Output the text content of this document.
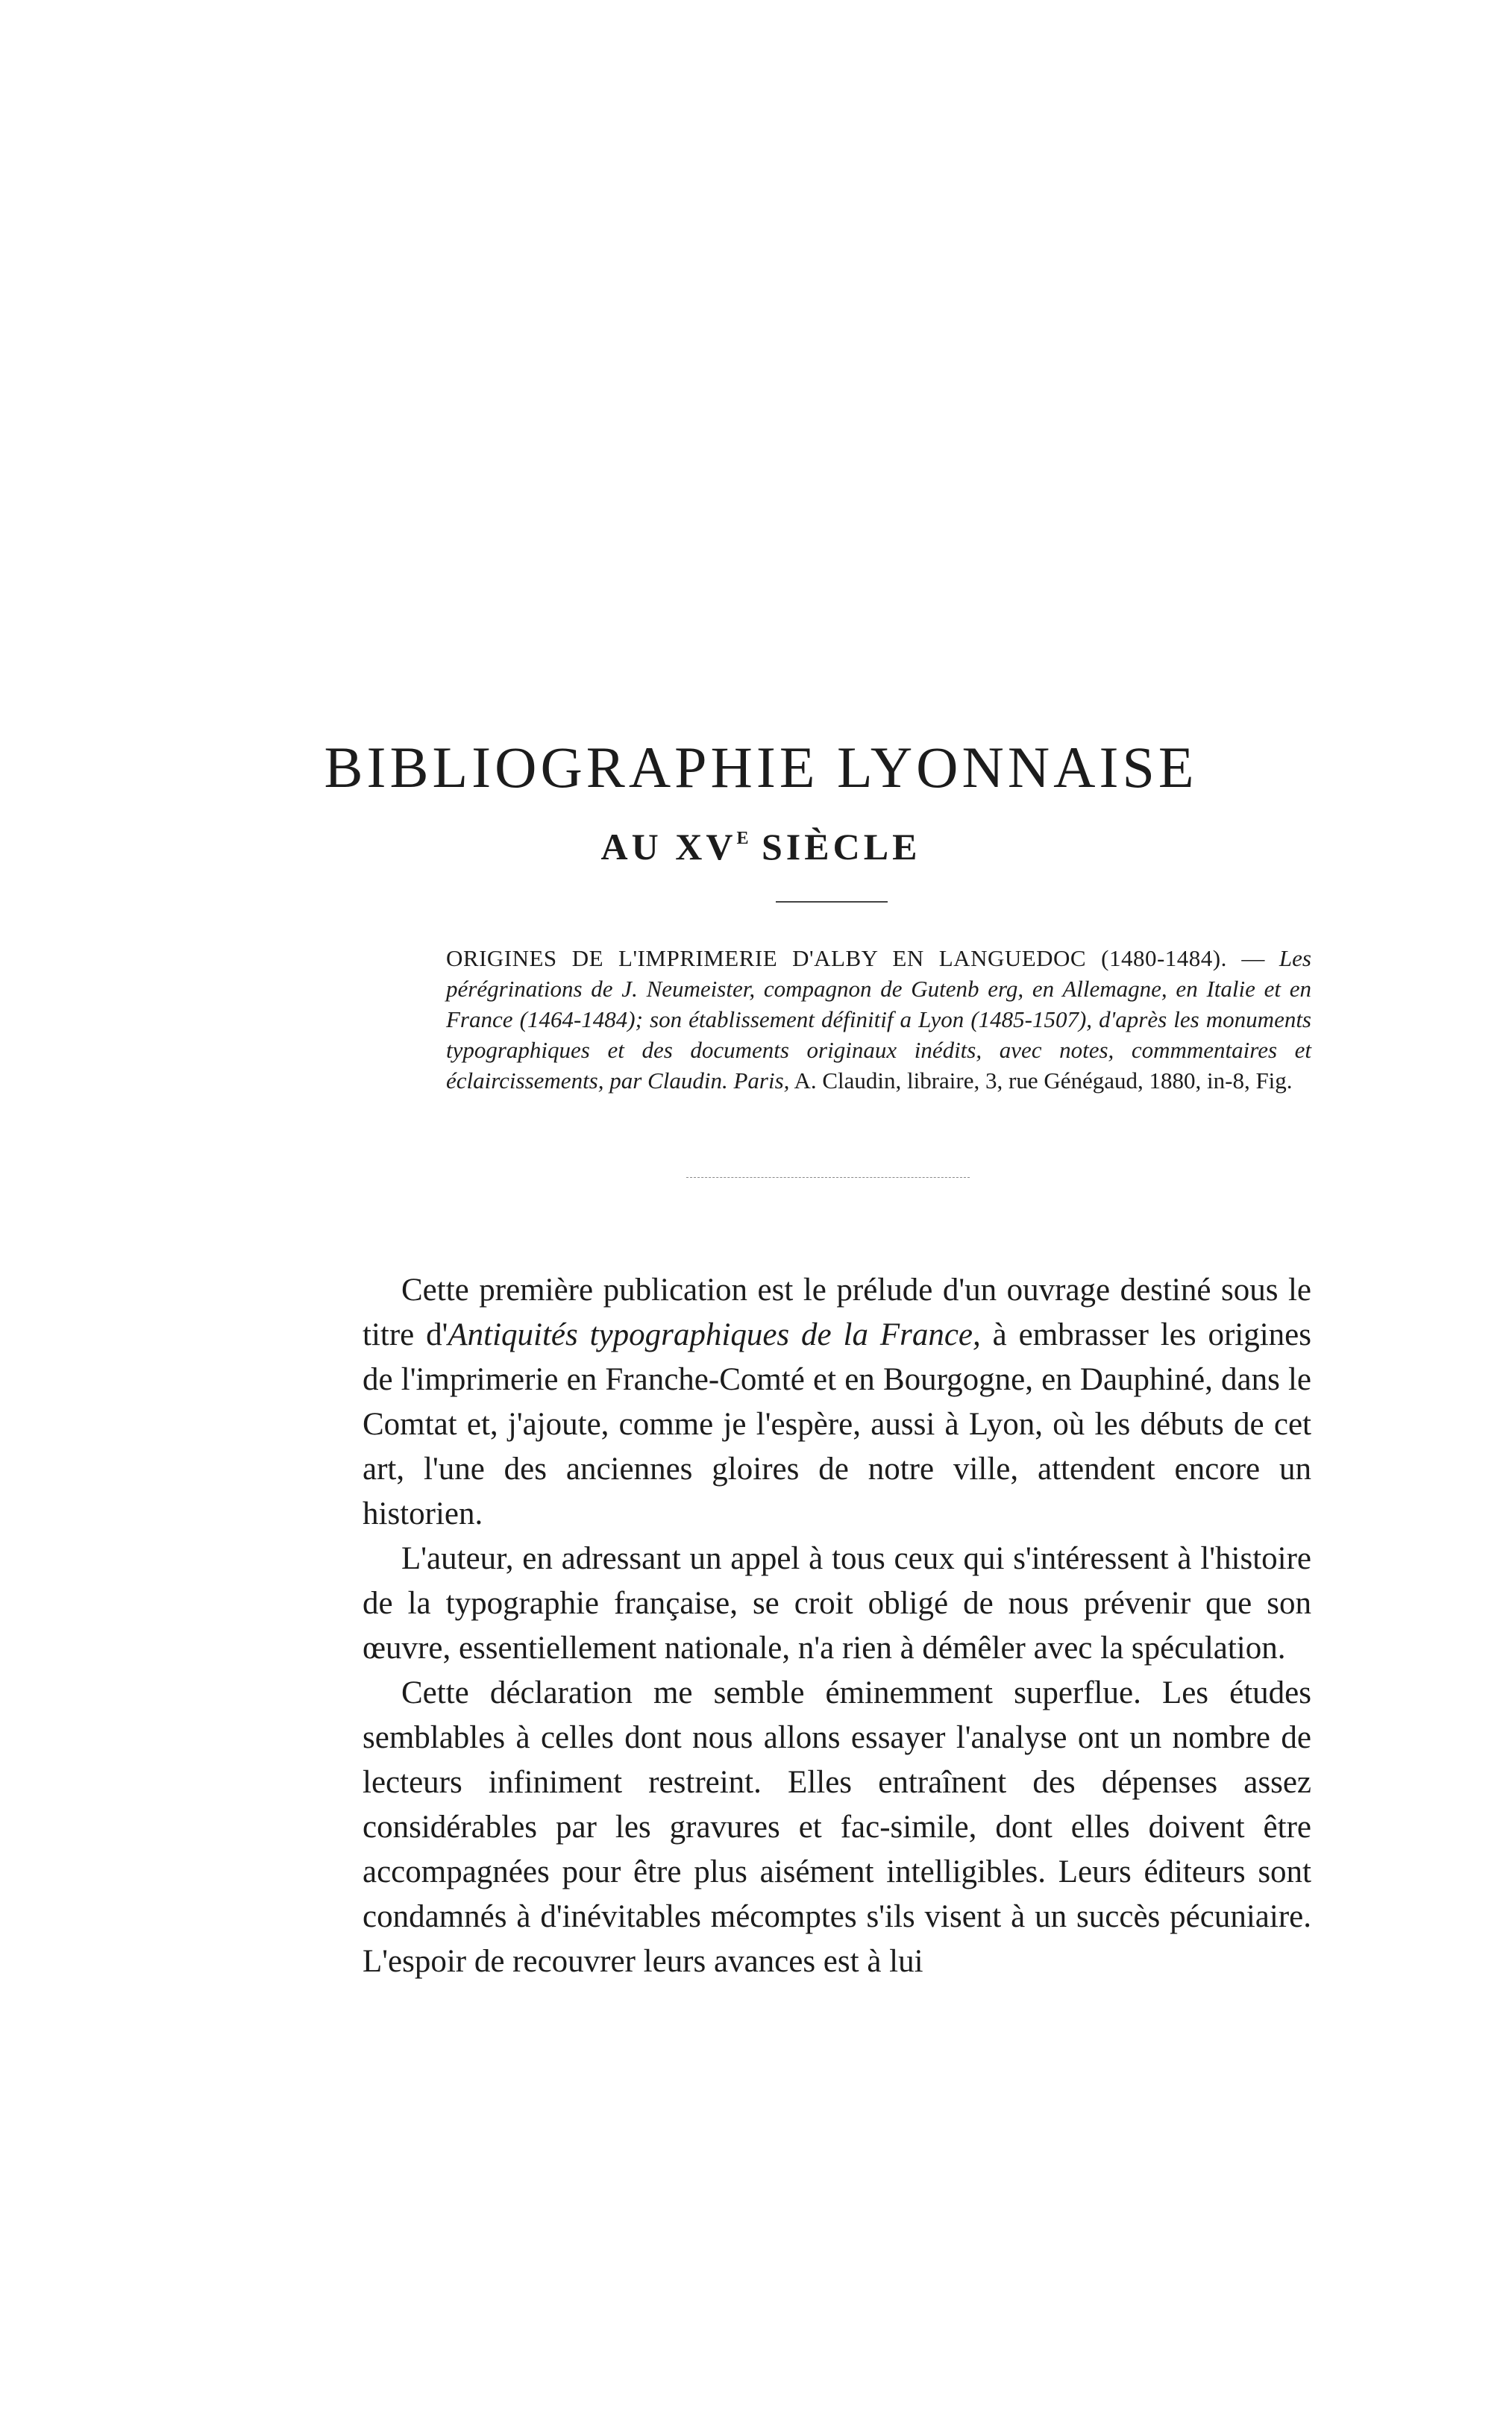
BIBLIOGRAPHIE LYONNAISE
AU $XV^E$ SIÈCLE
ORIGINES DE L'IMPRIMERIE D'ALBY EN LANGUEDOC (1480-1484). — Les pérégrinations de J. Neumeister, compagnon de Gutenb erg, en Allemagne, en Italie et en France (1464-1484); son établissement définitif a Lyon (1485-1507), d'après les monuments typographiques et des documents originaux inédits, avec notes, commmentaires et éclaircissements, par Claudin. Paris, A. Claudin, libraire, 3, rue Génégaud, 1880, in-8, Fig.

Cette première publication est le prélude d'un ouvrage destiné sous le titre d'Antiquités typographiques de la France, à embrasser les origines de l'imprimerie en Franche-Comté et en Bourgogne, en Dauphiné, dans le Comtat et, j'ajoute, comme je l'espère, aussi à Lyon, où les débuts de cet art, l'une des anciennes gloires de notre ville, attendent encore un historien.

L'auteur, en adressant un appel à tous ceux qui s'intéressent à l'histoire de la typographie française, se croit obligé de nous prévenir que son œuvre, essentiellement nationale, n'a rien à démêler avec la spéculation.

Cette déclaration me semble éminemment superflue. Les études semblables à celles dont nous allons essayer l'analyse ont un nombre de lecteurs infiniment restreint. Elles entraînent des dépenses assez considérables par les gravures et fac-simile, dont elles doivent être accompagnées pour être plus aisément intelligibles. Leurs éditeurs sont condamnés à d'inévitables mécomptes s'ils visent à un succès pécuniaire. L'espoir de recouvrer leurs avances est à lui
